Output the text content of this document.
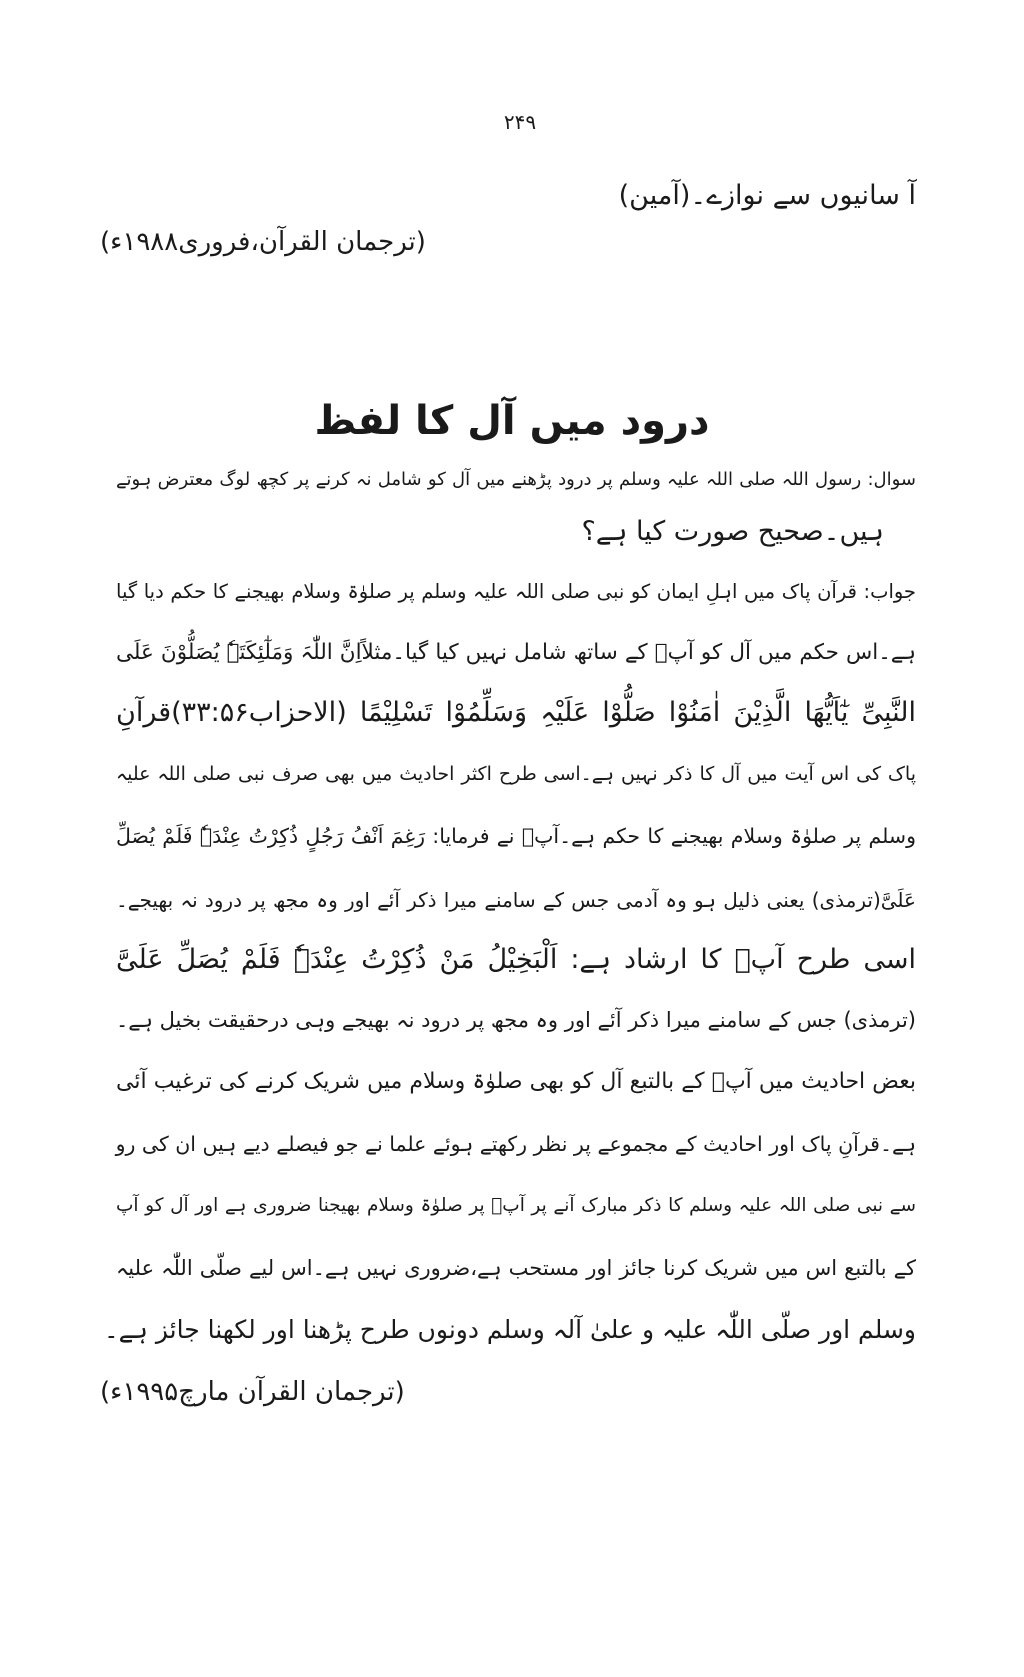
۲۴۹
آ سانیوں سے نوازے۔(آمین)
(ترجمان القرآن،فروری۱۹۸۸ء)
درود میں آل کا لفظ
سوال: رسول اللہ صلی اللہ علیہ وسلم پر درود پڑھنے میں آل کو شامل نہ کرنے پر کچھ لوگ معترض ہوتے
ہیں۔صحیح صورت کیا ہے؟
جواب: قرآن پاک میں اہلِ ایمان کو نبی صلی اللہ علیہ وسلم پر صلوٰۃ وسلام بھیجنے کا حکم دیا گیا
ہے۔اس حکم میں آل کو آپؐ کے ساتھ شامل نہیں کیا گیا۔مثلاًاِنَّ اللّٰہَ وَمَلٰٓئِکَتَہٗ یُصَلُّوْنَ عَلَی
النَّبِیِّ یٰٓاَیُّھَا الَّذِیْنَ اٰمَنُوْا صَلُّوْا عَلَیْہِ وَسَلِّمُوْا تَسْلِیْمًا (الاحزاب۳۳:۵۶)قرآنِ
پاک کی اس آیت میں آل کا ذکر نہیں ہے۔اسی طرح اکثر احادیث میں بھی صرف نبی صلی اللہ علیہ
وسلم پر صلوٰۃ وسلام بھیجنے کا حکم ہے۔آپؐ نے فرمایا: رَغِمَ اَنْفُ رَجُلٍ ذُکِرْتُ عِنْدَہٗ فَلَمْ یُصَلِّ
عَلَیَّ(ترمذی) یعنی ذلیل ہو وہ آدمی جس کے سامنے میرا ذکر آئے اور وہ مجھ پر درود نہ بھیجے۔
اسی طرح آپؐ کا ارشاد ہے: اَلْبَخِیْلُ مَنْ ذُکِرْتُ عِنْدَہٗ فَلَمْ یُصَلِّ عَلَیَّ
(ترمذی) جس کے سامنے میرا ذکر آئے اور وہ مجھ پر درود نہ بھیجے وہی درحقیقت بخیل ہے۔
بعض احادیث میں آپؐ کے بالتبع آل کو بھی صلوٰۃ وسلام میں شریک کرنے کی ترغیب آئی
ہے۔قرآنِ پاک اور احادیث کے مجموعے پر نظر رکھتے ہوئے علما نے جو فیصلے دیے ہیں ان کی رو
سے نبی صلی اللہ علیہ وسلم کا ذکر مبارک آنے پر آپؐ پر صلوٰۃ وسلام بھیجنا ضروری ہے اور آل کو آپ
کے بالتبع اس میں شریک کرنا جائز اور مستحب ہے،ضروری نہیں ہے۔اس لیے صلّی اللّٰہ علیہ
وسلم اور صلّی اللّٰہ علیہ و علیٰ آلہ وسلم دونوں طرح پڑھنا اور لکھنا جائز ہے۔
(ترجمان القرآن مارچ۱۹۹۵ء)
